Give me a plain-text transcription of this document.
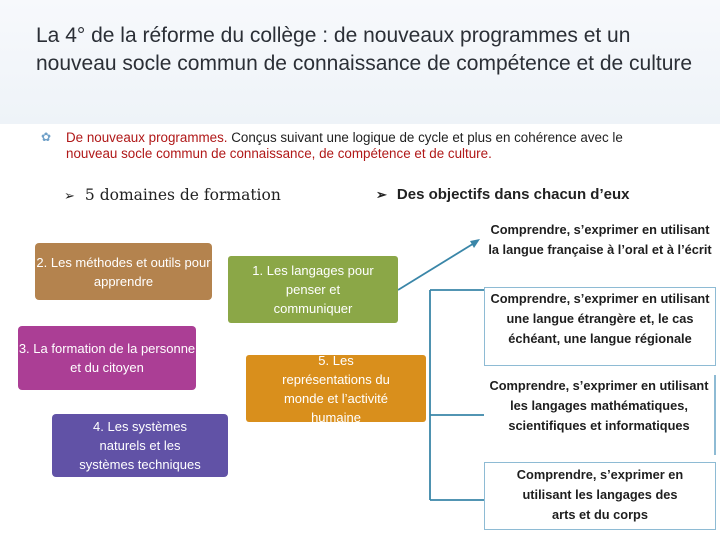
La 4° de la réforme du collège : de nouveaux programmes et un nouveau socle commun de connaissance de compétence et de culture
✿	De nouveaux programmes. Conçus suivant une logique de cycle et plus en cohérence avec le nouveau socle commun de connaissance, de compétence et de culture.

➢ 5 domaines de formation	➢ Des objectifs dans chacun d’eux
2. Les méthodes et outils pour apprendre
3. La formation de la personne et du citoyen
4. Les systèmes naturels et les systèmes techniques
1. Les langages pour penser et communiquer
5. Les représentations du monde et l’activité humaine
Comprendre, s’exprimer en utilisant la langue française à l’oral et à l’écrit
Comprendre, s’exprimer en utilisant une langue étrangère et, le cas échéant, une langue régionale
Comprendre, s’exprimer en utilisant les langages mathématiques, scientifiques et informatiques
Comprendre, s’exprimer en utilisant les langages des arts et du corps
